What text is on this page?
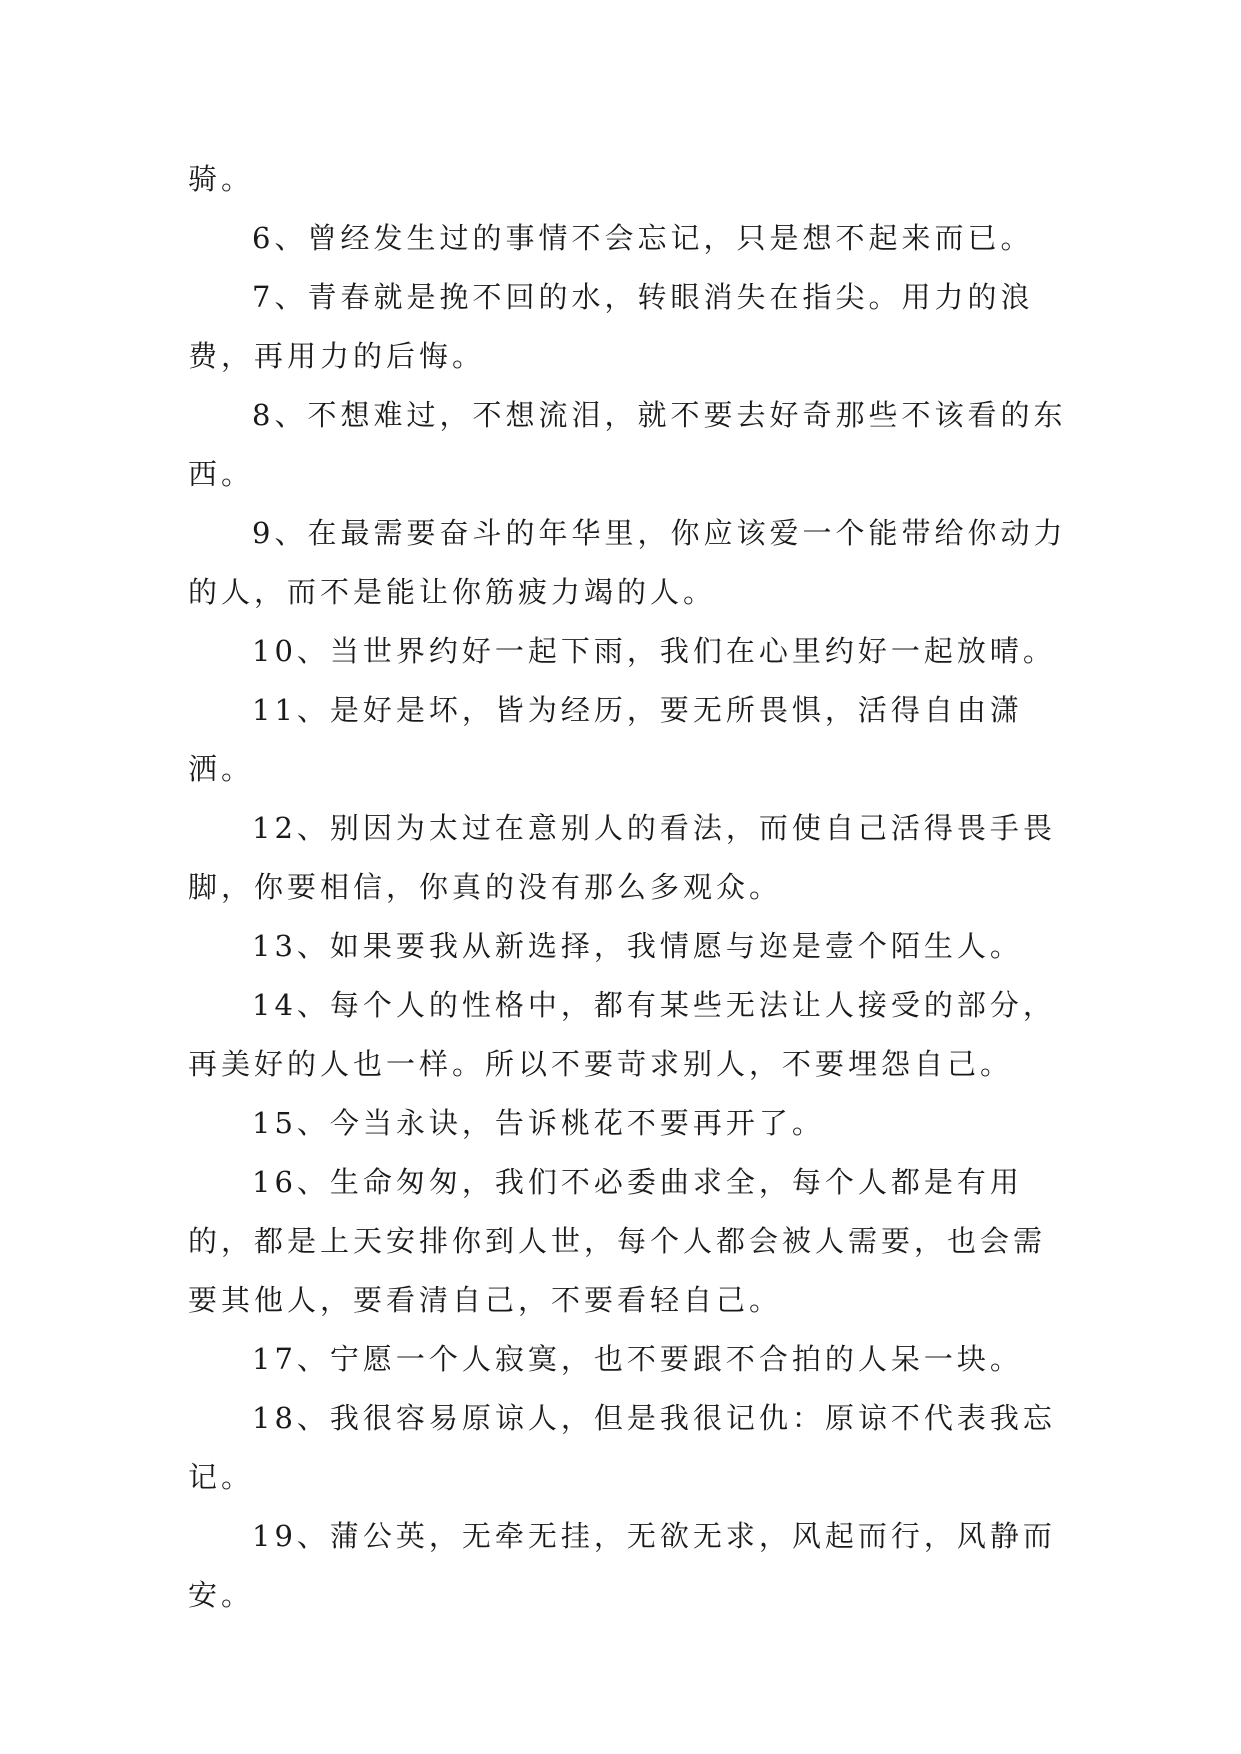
骑。

6、曾经发生过的事情不会忘记，只是想不起来而已。

7、青春就是挽不回的水，转眼消失在指尖。用力的浪费，再用力的后悔。

8、不想难过，不想流泪，就不要去好奇那些不该看的东西。

9、在最需要奋斗的年华里，你应该爱一个能带给你动力的人，而不是能让你筋疲力竭的人。

10、当世界约好一起下雨，我们在心里约好一起放晴。

11、是好是坏，皆为经历，要无所畏惧，活得自由潇洒。

12、别因为太过在意别人的看法，而使自己活得畏手畏脚，你要相信，你真的没有那么多观众。

13、如果要我从新选择，我情愿与迩是壹个陌生人。

14、每个人的性格中，都有某些无法让人接受的部分，再美好的人也一样。所以不要苛求别人，不要埋怨自己。

15、今当永诀，告诉桃花不要再开了。

16、生命匆匆，我们不必委曲求全，每个人都是有用的，都是上天安排你到人世，每个人都会被人需要，也会需要其他人，要看清自己，不要看轻自己。

17、宁愿一个人寂寞，也不要跟不合拍的人呆一块。

18、我很容易原谅人，但是我很记仇：原谅不代表我忘记。

19、蒲公英，无牵无挂，无欲无求，风起而行，风静而安。
